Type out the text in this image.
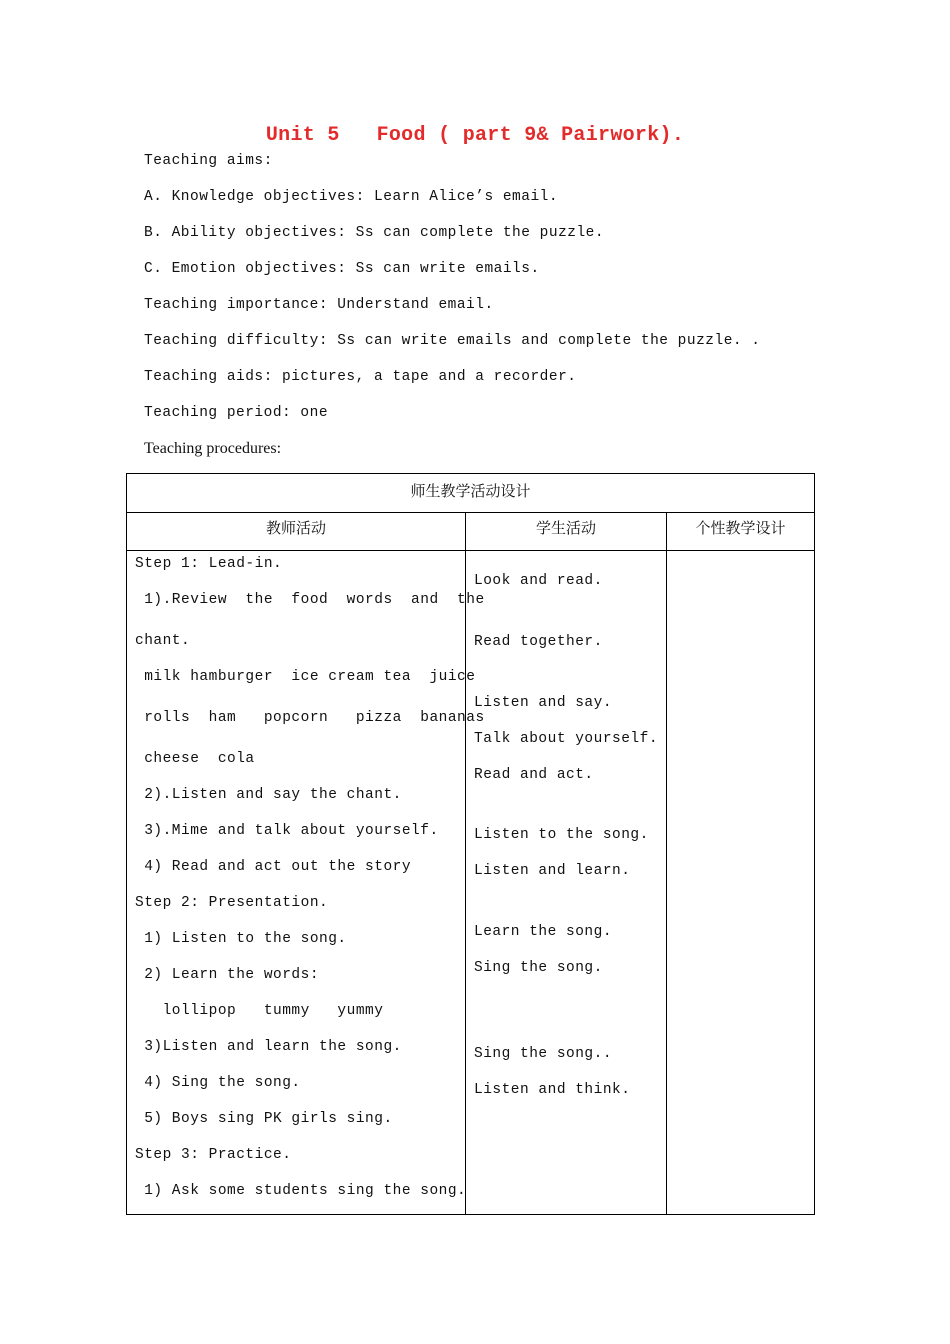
Unit 5   Food ( part 9& Pairwork).
Teaching aims:
A. Knowledge objectives: Learn Alice’s email.
B. Ability objectives: Ss can complete the puzzle.
C. Emotion objectives: Ss can write emails.
Teaching importance: Understand email.
Teaching difficulty: Ss can write emails and complete the puzzle. .
Teaching aids: pictures, a tape and a recorder.
Teaching period: one
Teaching procedures:
师生教学活动设计
教师活动	学生活动	个性教学设计
Step 1: Lead-in.
1).Review  the  food  words  and  the
chant.
milk hamburger  ice cream tea  juice
rolls  ham   popcorn   pizza  bananas
cheese  cola
2).Listen and say the chant.
3).Mime and talk about yourself.
4) Read and act out the story
Step 2: Presentation.
1) Listen to the song.
2) Learn the words:
lollipop   tummy   yummy
3)Listen and learn the song.
4) Sing the song.
5) Boys sing PK girls sing.
Step 3: Practice.
1) Ask some students sing the song.
Look and read.
Read together.
Listen and say.
Talk about yourself.
Read and act.
Listen to the song.
Listen and learn.
Learn the song.
Sing the song.
Sing the song..
Listen and think.
